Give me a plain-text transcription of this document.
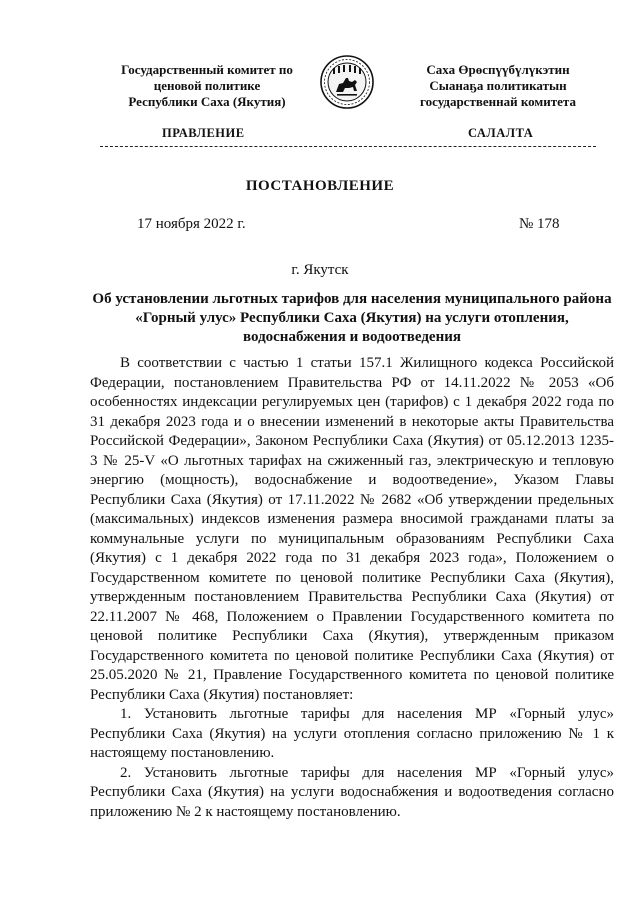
Государственный комитет по
ценовой политике
Республики Саха (Якутия)
Саха Өрөспүүбүлүкэтин
Сыанаҕа политикатын
государственнай комитета
ПРАВЛЕНИЕ	САЛАЛТА
ПОСТАНОВЛЕНИЕ
17 ноября 2022 г.	№ 178
г. Якутск
Об установлении льготных тарифов для населения муниципального района «Горный улус» Республики Саха (Якутия) на услуги отопления, водоснабжения и водоотведения

В соответствии с частью 1 статьи 157.1 Жилищного кодекса Российской Федерации, постановлением Правительства РФ от 14.11.2022 № 2053 «Об особенностях индексации регулируемых цен (тарифов) с 1 декабря 2022 года по 31 декабря 2023 года и о внесении изменений в некоторые акты Правительства Российской Федерации», Законом Республики Саха (Якутия) от 05.12.2013 1235-3 № 25-V «О льготных тарифах на сжиженный газ, электрическую и тепловую энергию (мощность), водоснабжение и водоотведение», Указом Главы Республики Саха (Якутия) от 17.11.2022 № 2682 «Об утверждении предельных (максимальных) индексов изменения размера вносимой гражданами платы за коммунальные услуги по муниципальным образованиям Республики Саха (Якутия) с 1 декабря 2022 года по 31 декабря 2023 года», Положением о Государственном комитете по ценовой политике Республики Саха (Якутия), утвержденным постановлением Правительства Республики Саха (Якутия) от 22.11.2007 № 468, Положением о Правлении Государственного комитета по ценовой политике Республики Саха (Якутия), утвержденным приказом Государственного комитета по ценовой политике Республики Саха (Якутия) от 25.05.2020 № 21, Правление Государственного комитета по ценовой политике Республики Саха (Якутия) постановляет:

1. Установить льготные тарифы для населения МР «Горный улус» Республики Саха (Якутия) на услуги отопления согласно приложению № 1 к настоящему постановлению.

2. Установить льготные тарифы для населения МР «Горный улус» Республики Саха (Якутия) на услуги водоснабжения и водоотведения согласно приложению № 2 к настоящему постановлению.
